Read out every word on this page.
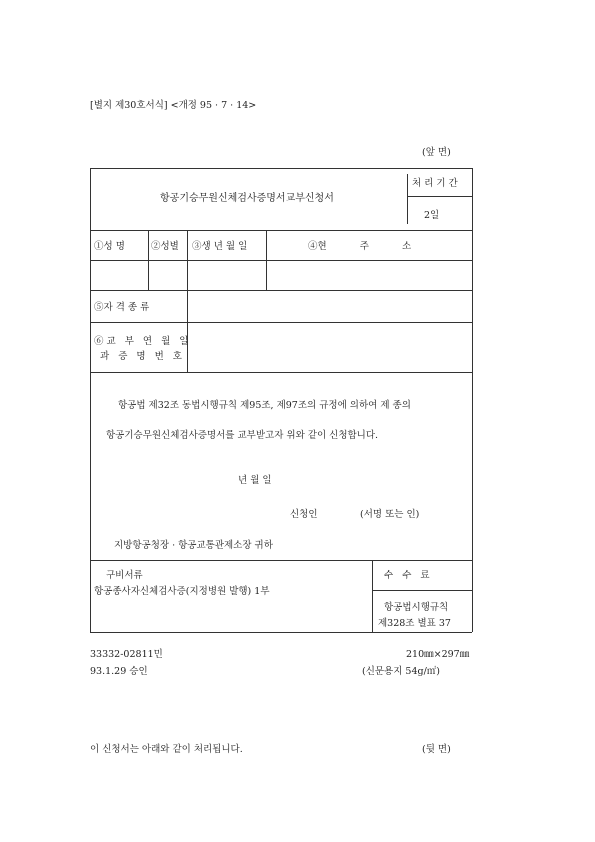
[별지 제30호서식] <개정 95 · 7 · 14>
(앞 면)
항공기승무원신체검사증명서교부신청서
처리기간
2일
①성 명	②성별 ③생 년 월 일	④현	주	소
⑤자 격 종 류
⑥교 부 연 월 일
과 증 명 번 호
항공법 제32조 동법시행규칙 제95조, 제97조의 규정에 의하여 제 종의
항공기승무원신체검사증명서를 교부받고자 위와 같이 신청합니다.
년 월 일
신청인	(서명 또는 인)
지방항공청장 · 항공교통관제소장 귀하
구비서류
항공종사자신체검사증(지정병원 발행) 1부
수 수 료
항공법시행규칙
제328조 별표 37
33332-02811민	210㎜×297㎜
93.1.29 승인	(신문용지 54g/㎡)
이 신청서는 아래와 같이 처리됩니다.	(뒷 면)
